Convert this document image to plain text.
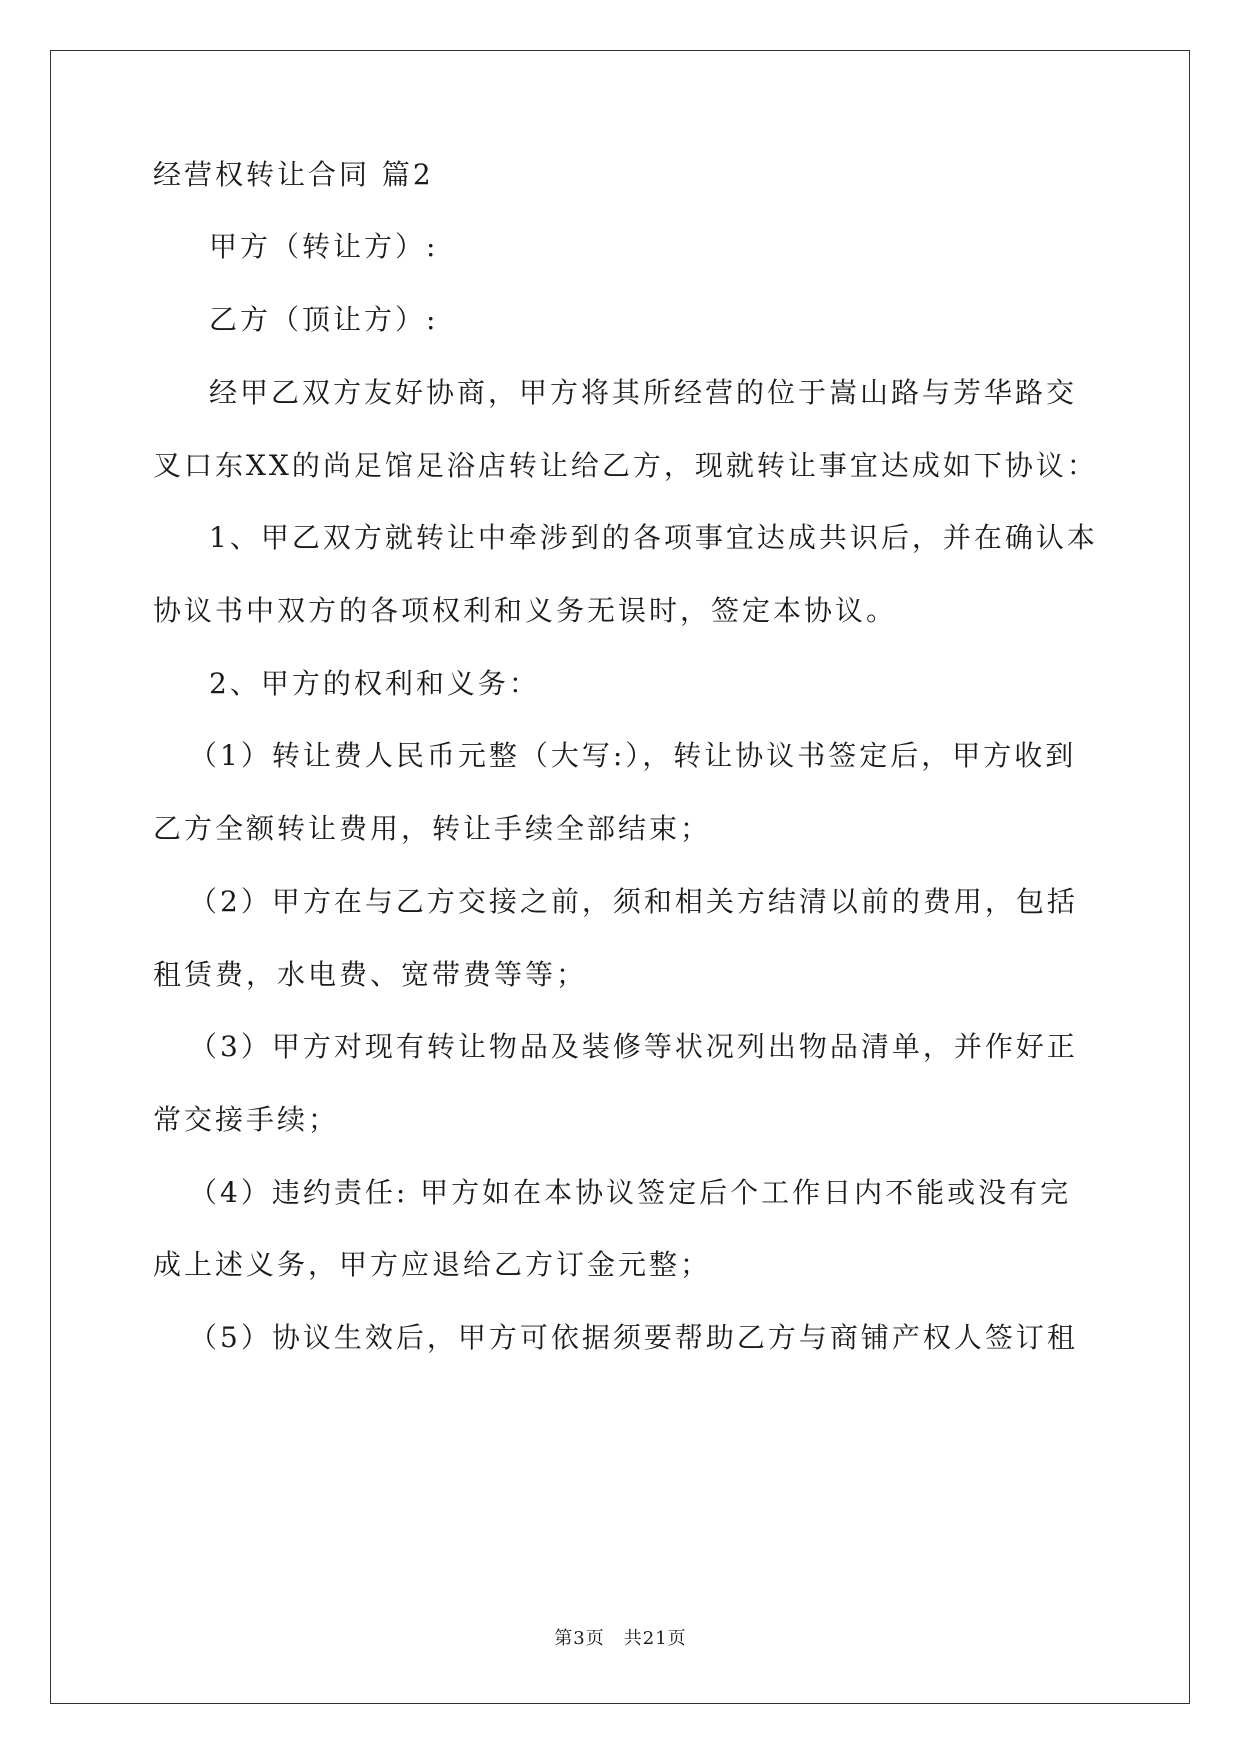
经营权转让合同 篇2
甲方（转让方）:
乙方（顶让方）:
经甲乙双方友好协商，甲方将其所经营的位于嵩山路与芳华路交
叉口东XX的尚足馆足浴店转让给乙方，现就转让事宜达成如下协议：
1、甲乙双方就转让中牵涉到的各项事宜达成共识后，并在确认本
协议书中双方的各项权利和义务无误时，签定本协议。
2、甲方的权利和义务：
（1）转让费人民币元整（大写:），转让协议书签定后，甲方收到
乙方全额转让费用，转让手续全部结束；
（2）甲方在与乙方交接之前，须和相关方结清以前的费用，包括
租赁费，水电费、宽带费等等；
（3）甲方对现有转让物品及装修等状况列出物品清单，并作好正
常交接手续；
（4）违约责任: 甲方如在本协议签定后个工作日内不能或没有完
成上述义务，甲方应退给乙方订金元整；
（5）协议生效后，甲方可依据须要帮助乙方与商铺产权人签订租
第3页　共21页
